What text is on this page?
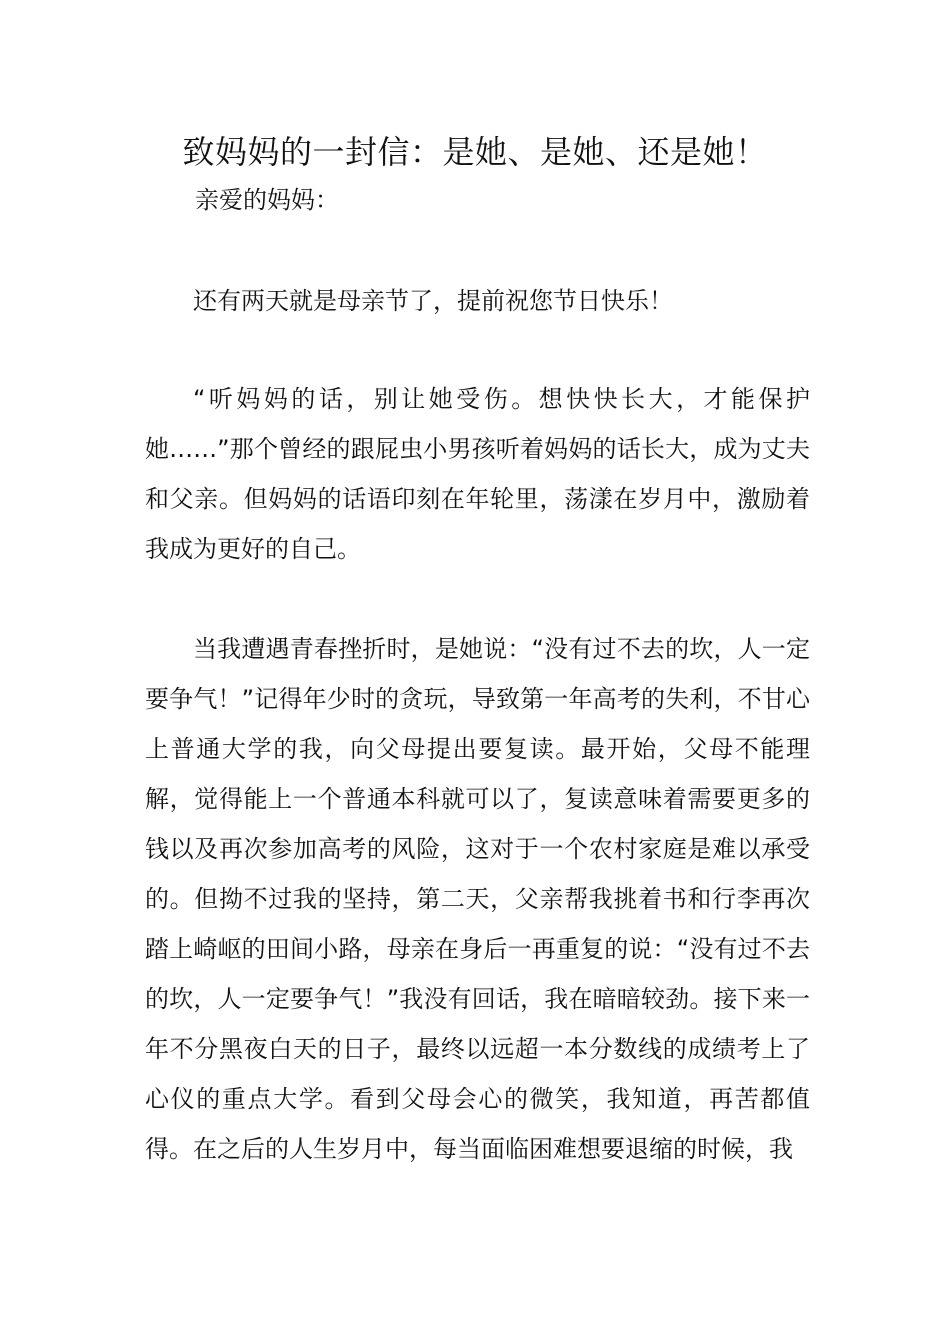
致妈妈的一封信：是她、是她、还是她！

亲爱的妈妈：

还有两天就是母亲节了，提前祝您节日快乐！

“听妈妈的话，别让她受伤。想快快长大，才能保护她……”那个曾经的跟屁虫小男孩听着妈妈的话长大，成为丈夫和父亲。但妈妈的话语印刻在年轮里，荡漾在岁月中，激励着我成为更好的自己。

当我遭遇青春挫折时，是她说：“没有过不去的坎，人一定要争气！”记得年少时的贪玩，导致第一年高考的失利，不甘心上普通大学的我，向父母提出要复读。最开始，父母不能理解，觉得能上一个普通本科就可以了，复读意味着需要更多的钱以及再次参加高考的风险，这对于一个农村家庭是难以承受的。但拗不过我的坚持，第二天，父亲帮我挑着书和行李再次踏上崎岖的田间小路，母亲在身后一再重复的说：“没有过不去的坎，人一定要争气！”我没有回话，我在暗暗较劲。接下来一年不分黑夜白天的日子，最终以远超一本分数线的成绩考上了心仪的重点大学。看到父母会心的微笑，我知道，再苦都值得。在之后的人生岁月中，每当面临困难想要退缩的时候，我
